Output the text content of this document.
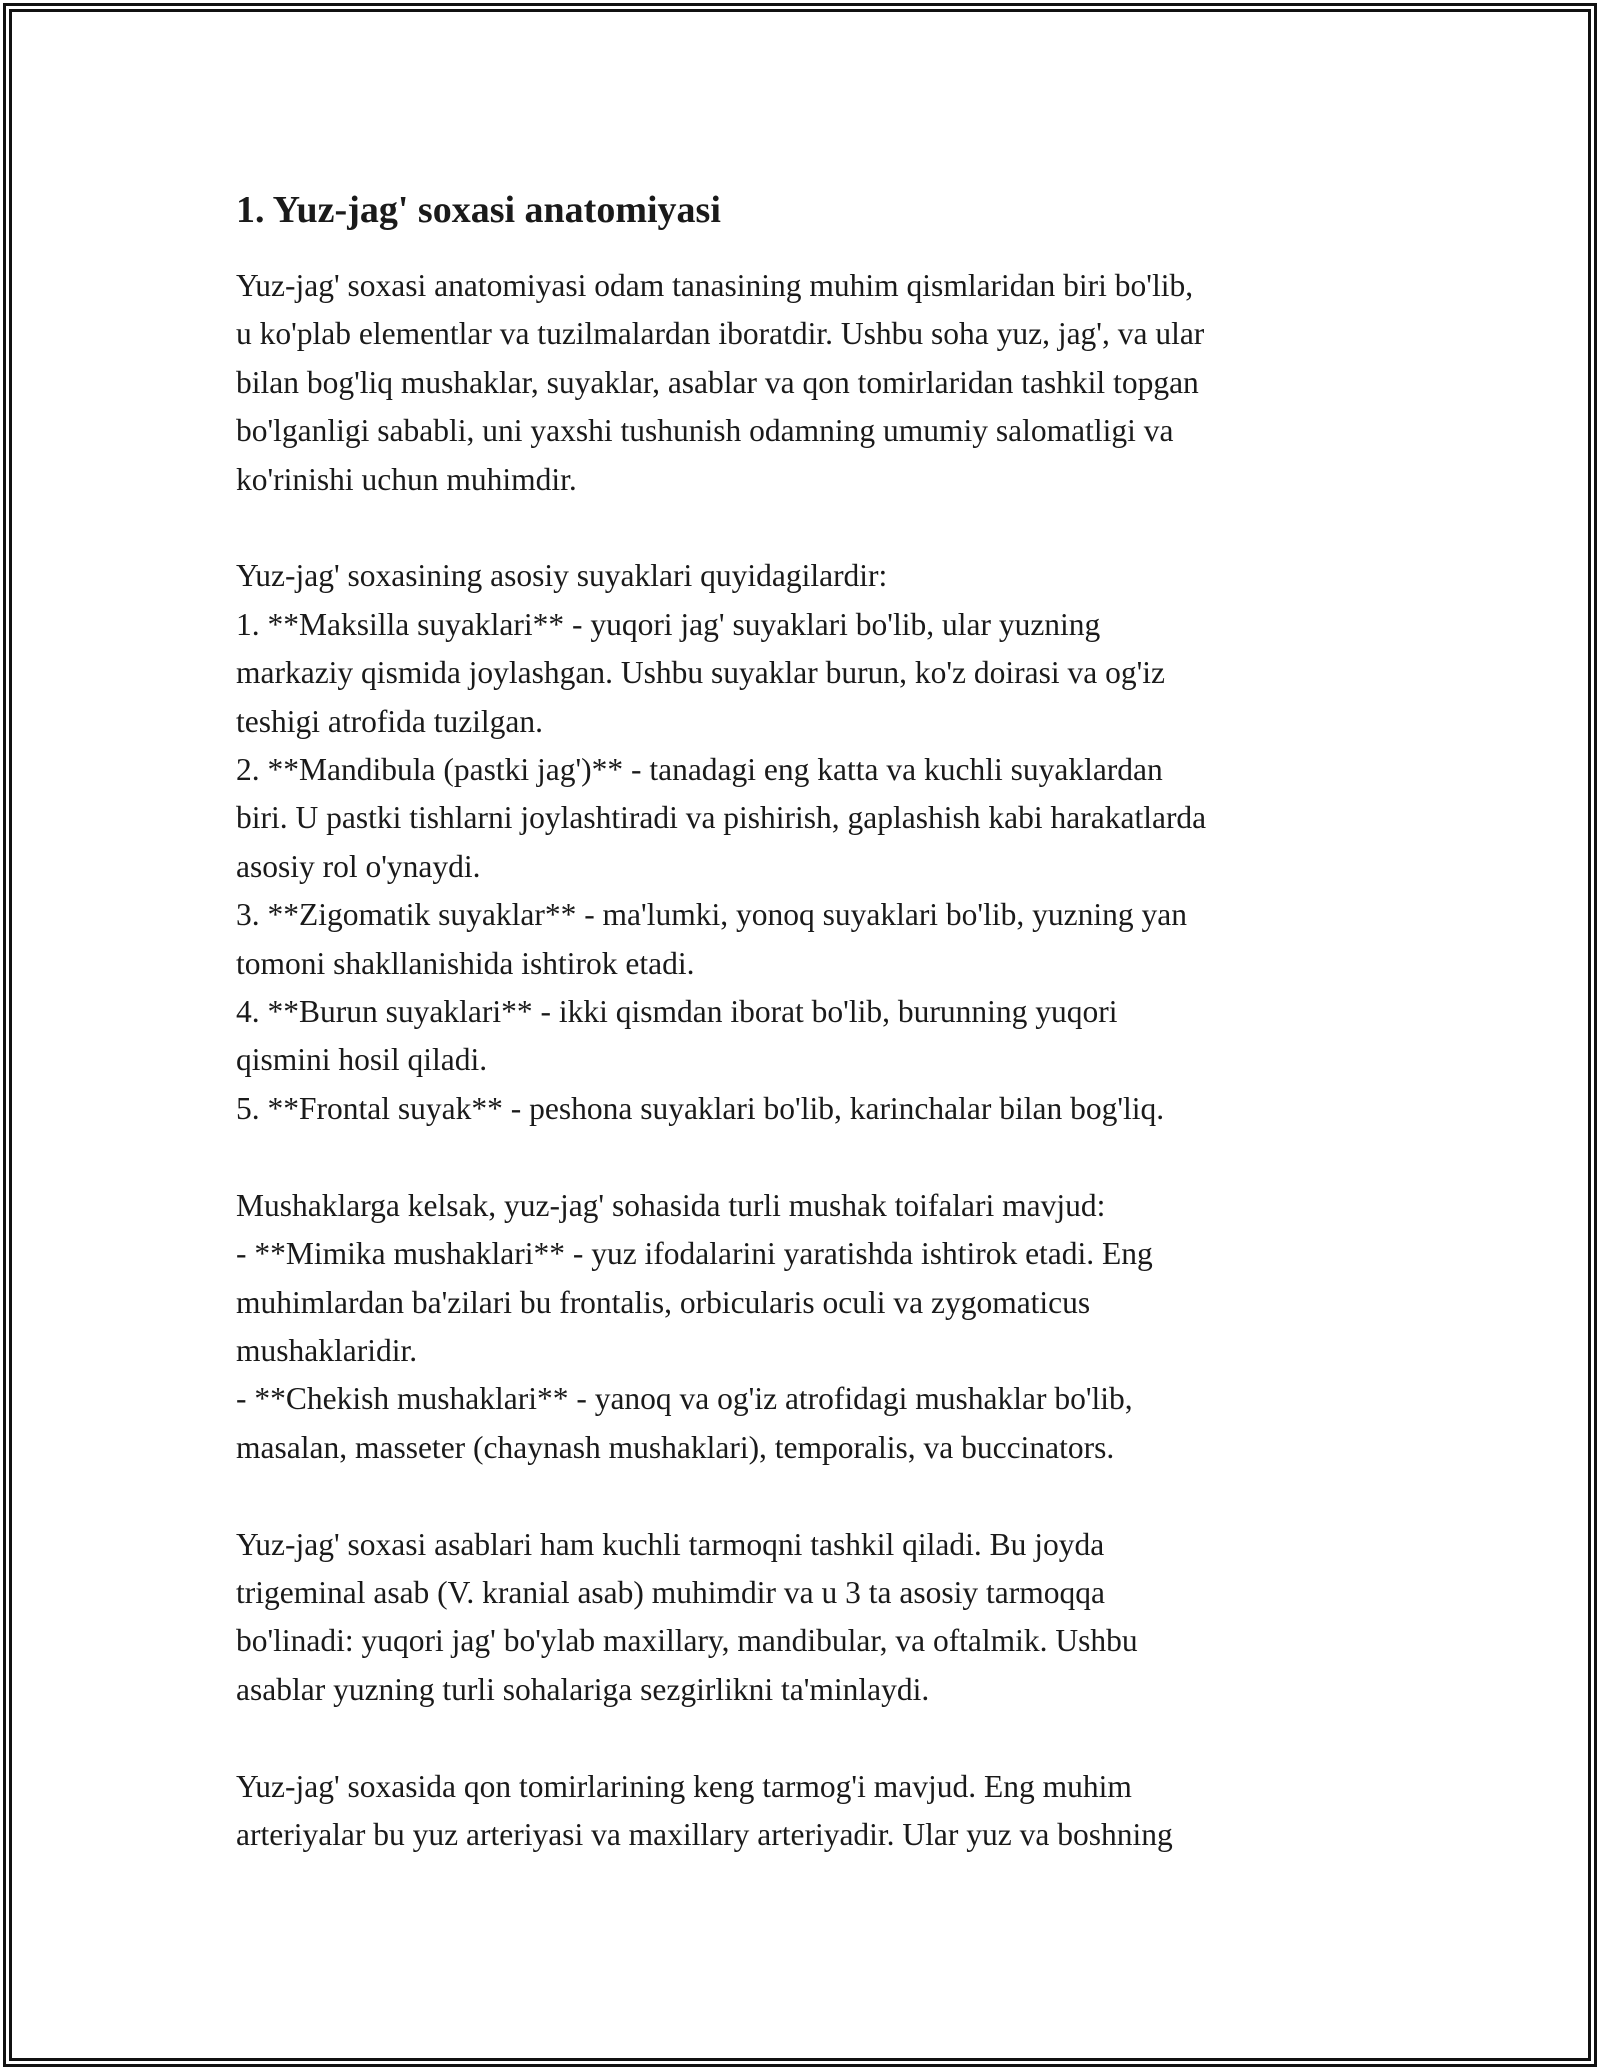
1. Yuz-jag' soxasi anatomiyasi
Yuz-jag' soxasi anatomiyasi odam tanasining muhim qismlaridan biri bo'lib,
u ko'plab elementlar va tuzilmalardan iboratdir. Ushbu soha yuz, jag', va ular
bilan bog'liq mushaklar, suyaklar, asablar va qon tomirlaridan tashkil topgan
bo'lganligi sababli, uni yaxshi tushunish odamning umumiy salomatligi va
ko'rinishi uchun muhimdir.
Yuz-jag' soxasining asosiy suyaklari quyidagilardir:
1. **Maksilla suyaklari** - yuqori jag' suyaklari bo'lib, ular yuzning
markaziy qismida joylashgan. Ushbu suyaklar burun, ko'z doirasi va og'iz
teshigi atrofida tuzilgan.
2. **Mandibula (pastki jag')** - tanadagi eng katta va kuchli suyaklardan
biri. U pastki tishlarni joylashtiradi va pishirish, gaplashish kabi harakatlarda
asosiy rol o'ynaydi.
3. **Zigomatik suyaklar** - ma'lumki, yonoq suyaklari bo'lib, yuzning yan
tomoni shakllanishida ishtirok etadi.
4. **Burun suyaklari** - ikki qismdan iborat bo'lib, burunning yuqori
qismini hosil qiladi.
5. **Frontal suyak** - peshona suyaklari bo'lib, karinchalar bilan bog'liq.
Mushaklarga kelsak, yuz-jag' sohasida turli mushak toifalari mavjud:
- **Mimika mushaklari** - yuz ifodalarini yaratishda ishtirok etadi. Eng
muhimlardan ba'zilari bu frontalis, orbicularis oculi va zygomaticus
mushaklaridir.
- **Chekish mushaklari** - yanoq va og'iz atrofidagi mushaklar bo'lib,
masalan, masseter (chaynash mushaklari), temporalis, va buccinators.
Yuz-jag' soxasi asablari ham kuchli tarmoqni tashkil qiladi. Bu joyda
trigeminal asab (V. kranial asab) muhimdir va u 3 ta asosiy tarmoqqa
bo'linadi: yuqori jag' bo'ylab maxillary, mandibular, va oftalmik. Ushbu
asablar yuzning turli sohalariga sezgirlikni ta'minlaydi.
Yuz-jag' soxasida qon tomirlarining keng tarmog'i mavjud. Eng muhim
arteriyalar bu yuz arteriyasi va maxillary arteriyadir. Ular yuz va boshning
